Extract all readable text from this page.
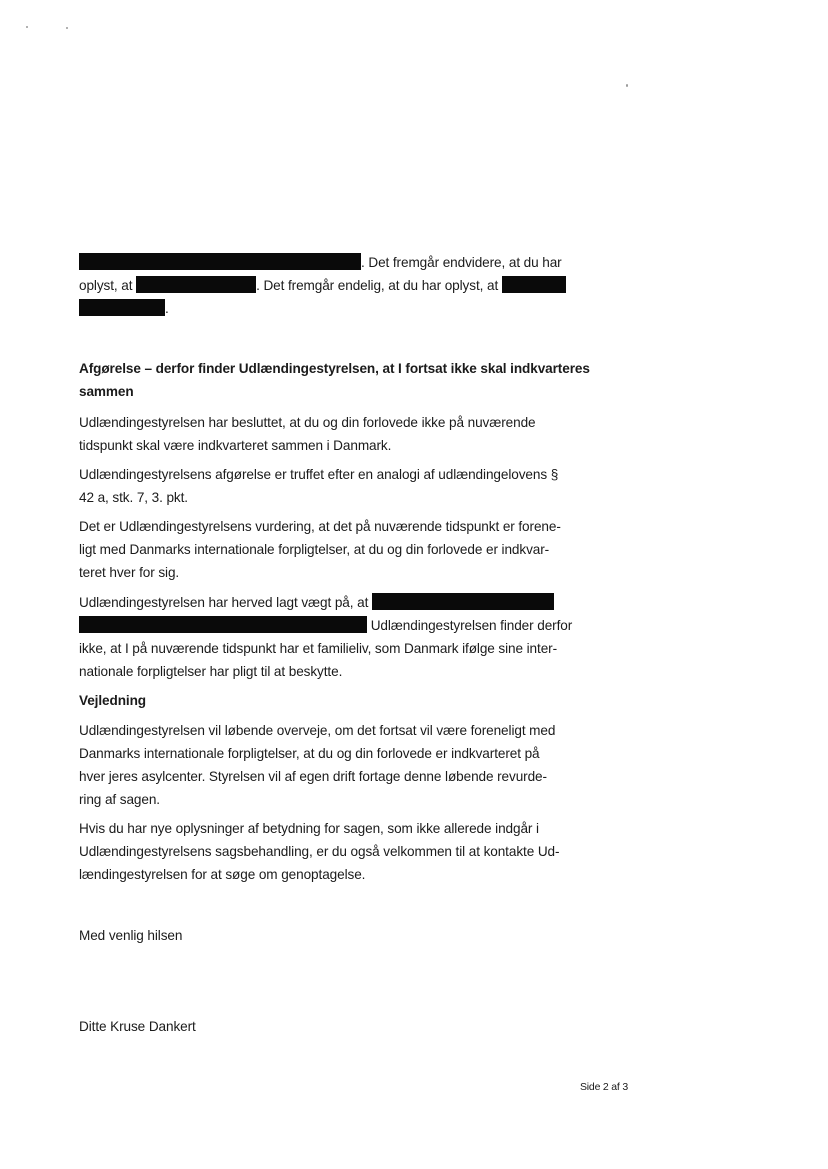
. Det fremgår endvidere, at du har
oplyst, at	. Det fremgår endelig, at du har oplyst, at
.
Afgørelse – derfor finder Udlændingestyrelsen, at I fortsat ikke skal indkvarteres
sammen
Udlændingestyrelsen har besluttet, at du og din forlovede ikke på nuværende
tidspunkt skal være indkvarteret sammen i Danmark.
Udlændingestyrelsens afgørelse er truffet efter en analogi af udlændingelovens §
42 a, stk. 7, 3. pkt.
Det er Udlændingestyrelsens vurdering, at det på nuværende tidspunkt er forene-
ligt med Danmarks internationale forpligtelser, at du og din forlovede er indkvar-
teret hver for sig.
Udlændingestyrelsen har herved lagt vægt på, at
Udlændingestyrelsen finder derfor
ikke, at I på nuværende tidspunkt har et familieliv, som Danmark ifølge sine inter-
nationale forpligtelser har pligt til at beskytte.
Vejledning
Udlændingestyrelsen vil løbende overveje, om det fortsat vil være foreneligt med
Danmarks internationale forpligtelser, at du og din forlovede er indkvarteret på
hver jeres asylcenter. Styrelsen vil af egen drift fortage denne løbende revurde-
ring af sagen.
Hvis du har nye oplysninger af betydning for sagen, som ikke allerede indgår i
Udlændingestyrelsens sagsbehandling, er du også velkommen til at kontakte Ud-
lændingestyrelsen for at søge om genoptagelse.
Med venlig hilsen
Ditte Kruse Dankert
Side 2 af 3
